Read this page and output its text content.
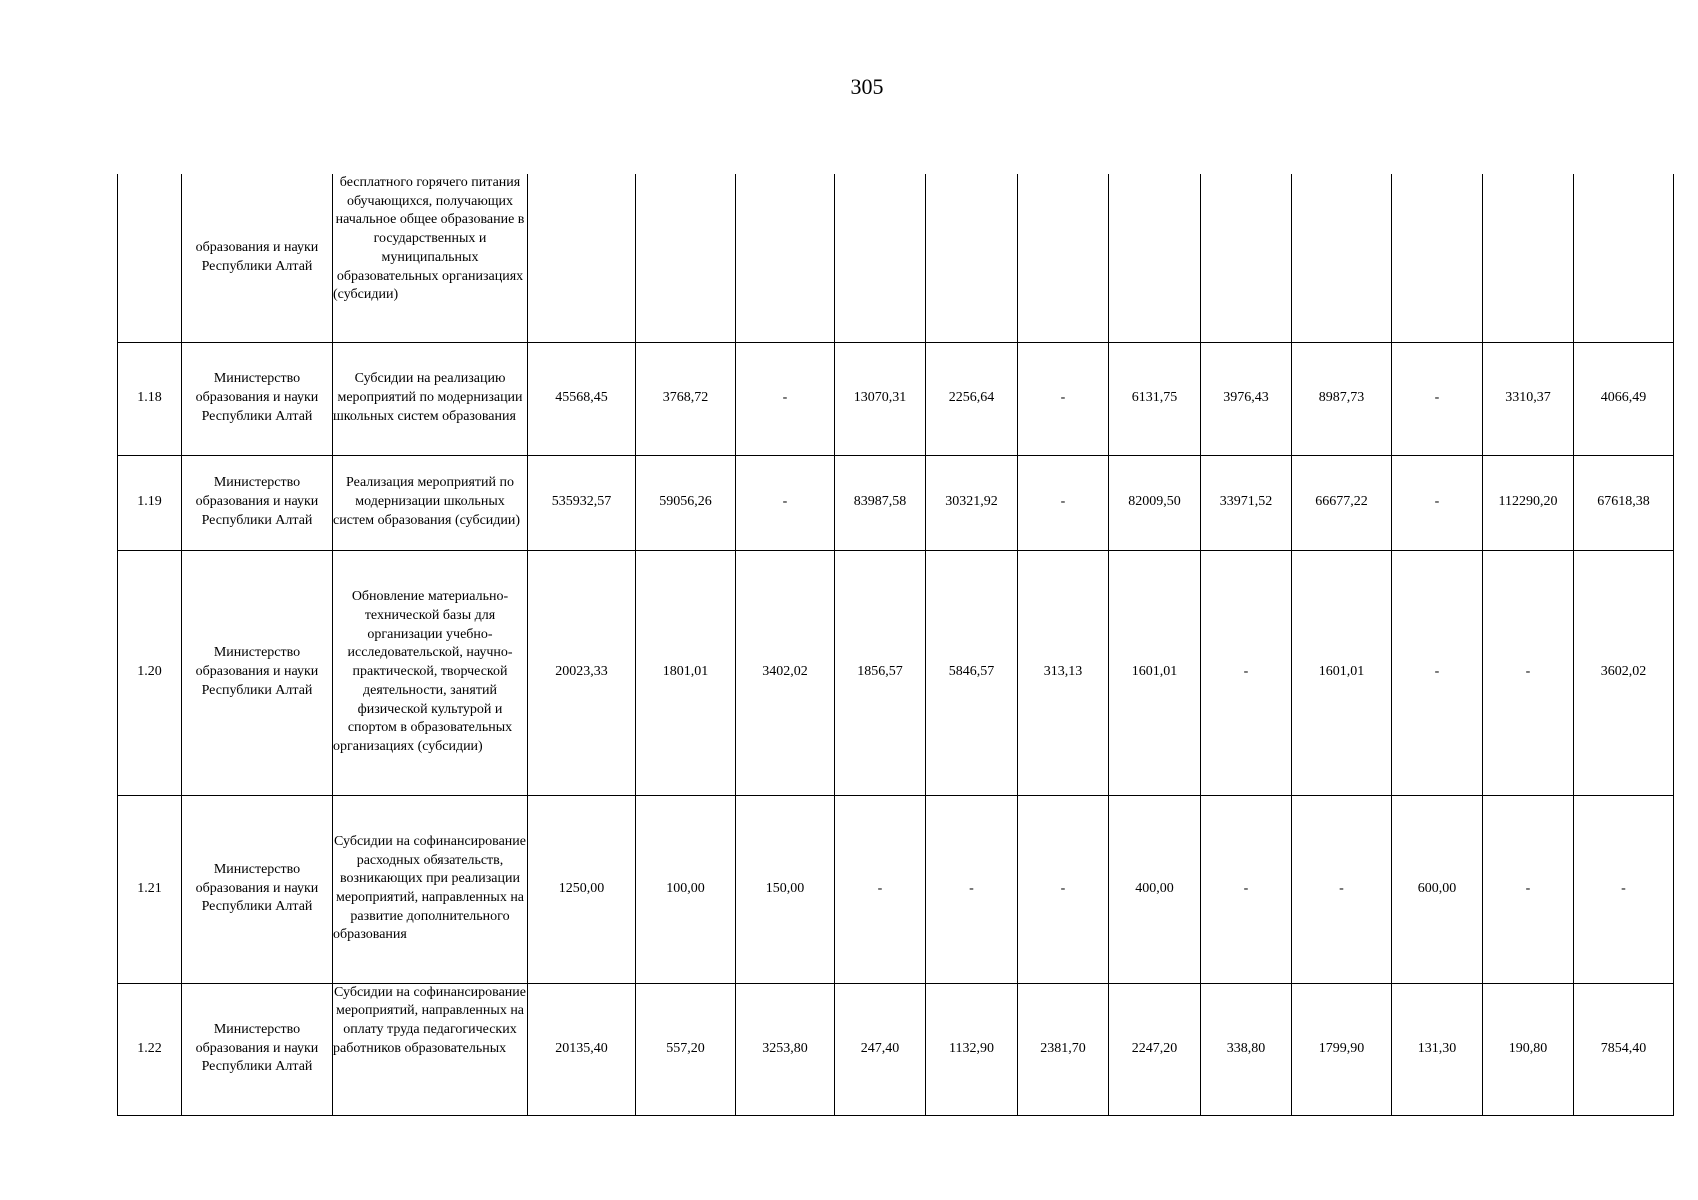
305
	образования и науки Республики Алтай	бесплатного горячего питания обучающихся, получающих начальное общее образование в государственных и муниципальных образовательных организациях (субсидии)												
1.18	Министерство образования и науки Республики Алтай	Субсидии на реализацию мероприятий по модернизации школьных систем образования	45568,45	3768,72	-	13070,31	2256,64	-	6131,75	3976,43	8987,73	-	3310,37	4066,49
1.19	Министерство образования и науки Республики Алтай	Реализация мероприятий по модернизации школьных систем образования (субсидии)	535932,57	59056,26	-	83987,58	30321,92	-	82009,50	33971,52	66677,22	-	112290,20	67618,38
1.20	Министерство образования и науки Республики Алтай	Обновление материально-технической базы для организации учебно-исследовательской, научно-практической, творческой деятельности, занятий физической культурой и спортом в образовательных организациях (субсидии)	20023,33	1801,01	3402,02	1856,57	5846,57	313,13	1601,01	-	1601,01	-	-	3602,02
1.21	Министерство образования и науки Республики Алтай	Субсидии на софинансирование расходных обязательств, возникающих при реализации мероприятий, направленных на развитие дополнительного образования	1250,00	100,00	150,00	-	-	-	400,00	-	-	600,00	-	-
1.22	Министерство образования и науки Республики Алтай	Субсидии на софинансирование мероприятий, направленных на оплату труда педагогических работников образовательных	20135,40	557,20	3253,80	247,40	1132,90	2381,70	2247,20	338,80	1799,90	131,30	190,80	7854,40
